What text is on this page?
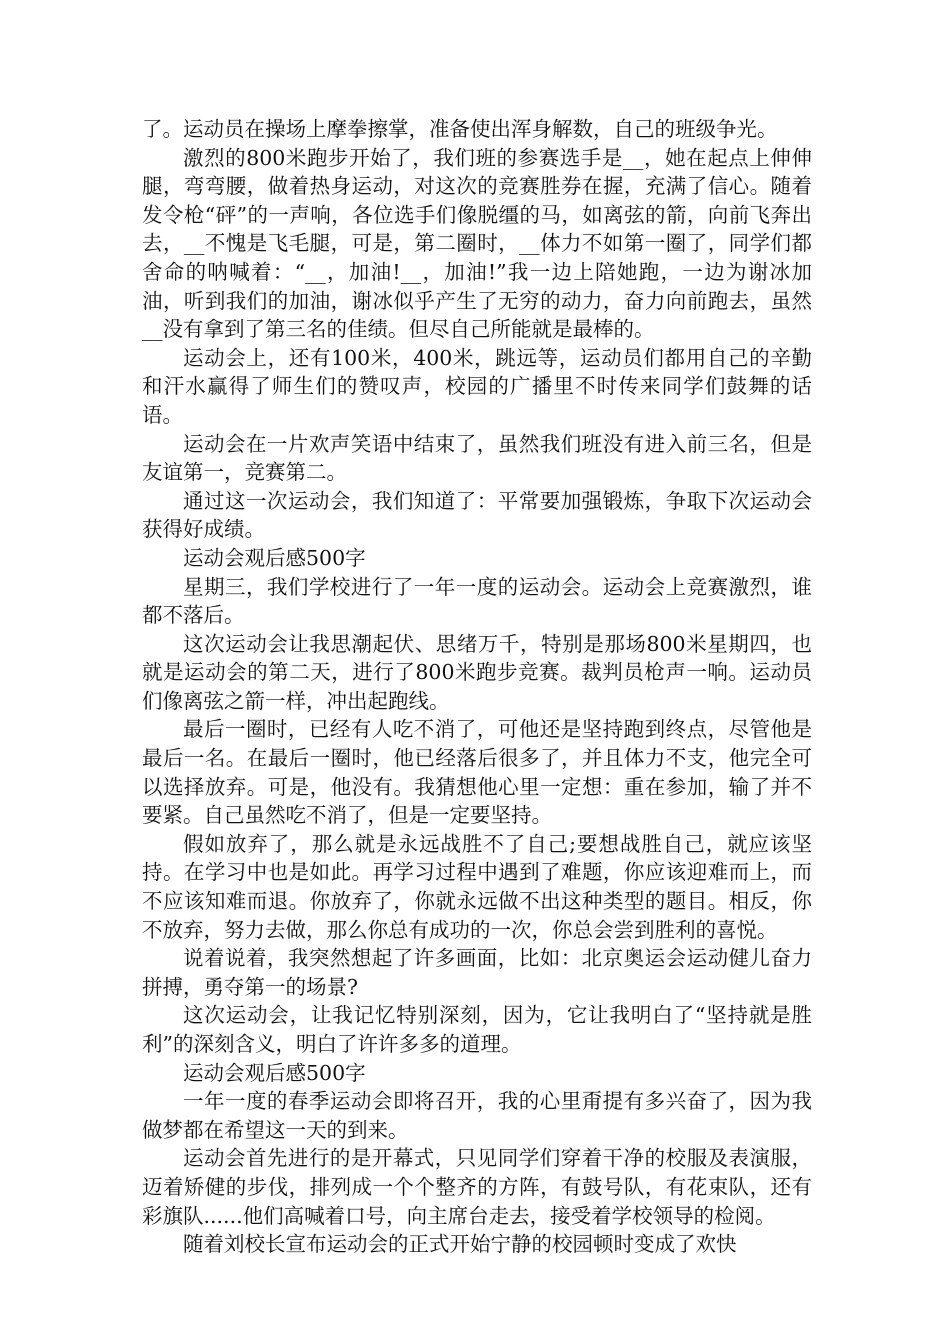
了。运动员在操场上摩拳擦掌，准备使出浑身解数，自己的班级争光。

激烈的800米跑步开始了，我们班的参赛选手是__，她在起点上伸伸腿，弯弯腰，做着热身运动，对这次的竞赛胜券在握，充满了信心。随着发令枪“砰”的一声响，各位选手们像脱缰的马，如离弦的箭，向前飞奔出去，__不愧是飞毛腿，可是，第二圈时，__体力不如第一圈了，同学们都舍命的呐喊着：“__，加油!__，加油!”我一边上陪她跑，一边为谢冰加油，听到我们的加油，谢冰似乎产生了无穷的动力，奋力向前跑去，虽然__没有拿到了第三名的佳绩。但尽自己所能就是最棒的。

运动会上，还有100米，400米，跳远等，运动员们都用自己的辛勤和汗水赢得了师生们的赞叹声，校园的广播里不时传来同学们鼓舞的话语。

运动会在一片欢声笑语中结束了，虽然我们班没有进入前三名，但是友谊第一，竞赛第二。

通过这一次运动会，我们知道了：平常要加强锻炼，争取下次运动会获得好成绩。

运动会观后感500字

星期三，我们学校进行了一年一度的运动会。运动会上竞赛激烈，谁都不落后。

这次运动会让我思潮起伏、思绪万千，特别是那场800米星期四，也就是运动会的第二天，进行了800米跑步竞赛。裁判员枪声一响。运动员们像离弦之箭一样，冲出起跑线。

最后一圈时，已经有人吃不消了，可他还是坚持跑到终点，尽管他是最后一名。在最后一圈时，他已经落后很多了，并且体力不支，他完全可以选择放弃。可是，他没有。我猜想他心里一定想：重在参加，输了并不要紧。自己虽然吃不消了，但是一定要坚持。

假如放弃了，那么就是永远战胜不了自己;要想战胜自己，就应该坚持。在学习中也是如此。再学习过程中遇到了难题，你应该迎难而上，而不应该知难而退。你放弃了，你就永远做不出这种类型的题目。相反，你不放弃，努力去做，那么你总有成功的一次，你总会尝到胜利的喜悦。

说着说着，我突然想起了许多画面，比如：北京奥运会运动健儿奋力拼搏，勇夺第一的场景?

这次运动会，让我记忆特别深刻，因为，它让我明白了“坚持就是胜利”的深刻含义，明白了许许多多的道理。

运动会观后感500字

一年一度的春季运动会即将召开，我的心里甭提有多兴奋了，因为我做梦都在希望这一天的到来。

运动会首先进行的是开幕式，只见同学们穿着干净的校服及表演服，迈着矫健的步伐，排列成一个个整齐的方阵，有鼓号队，有花束队，还有彩旗队......他们高喊着口号，向主席台走去，接受着学校领导的检阅。

随着刘校长宣布运动会的正式开始宁静的校园顿时变成了欢快
